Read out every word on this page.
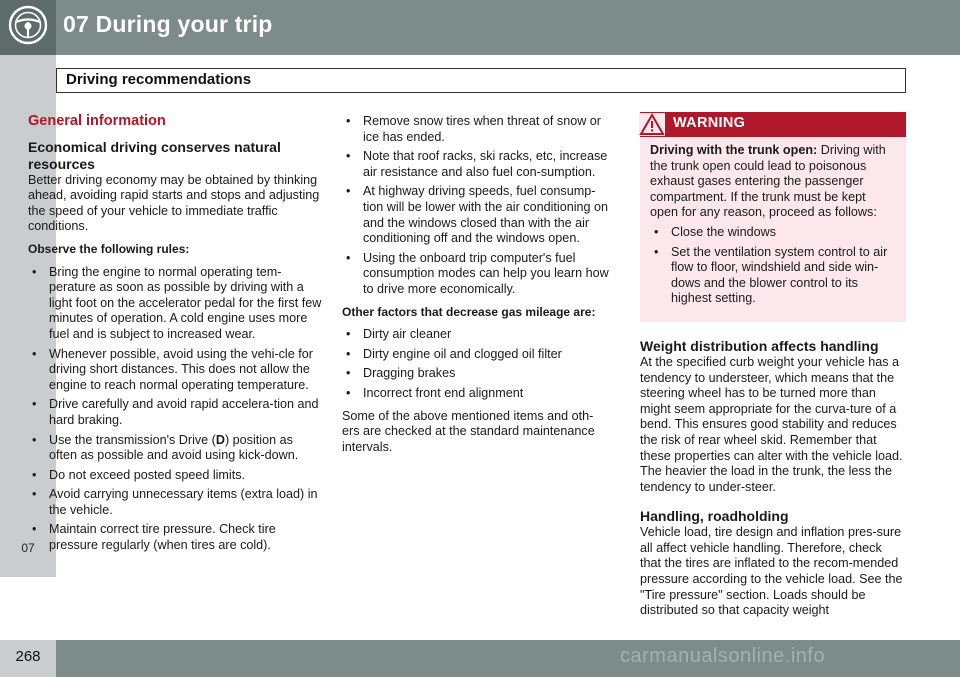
07 During your trip
Driving recommendations
07
268	carmanualsonline.info
General information
Economical driving conserves natural resources

Better driving economy may be obtained by thinking ahead, avoiding rapid starts and stops and adjusting the speed of your vehicle to immediate traffic conditions.

Observe the following rules:

• Bring the engine to normal operating tem-perature as soon as possible by driving with a light foot on the accelerator pedal for the first few minutes of operation. A cold engine uses more fuel and is subject to increased wear.
• Whenever possible, avoid using the vehi-cle for driving short distances. This does not allow the engine to reach normal operating temperature.
• Drive carefully and avoid rapid accelera-tion and hard braking.
• Use the transmission's Drive (D) position as often as possible and avoid using kick-down.
• Do not exceed posted speed limits.
• Avoid carrying unnecessary items (extra load) in the vehicle.
• Maintain correct tire pressure. Check tire pressure regularly (when tires are cold).
• Remove snow tires when threat of snow or ice has ended.
• Note that roof racks, ski racks, etc, increase air resistance and also fuel con-sumption.
• At highway driving speeds, fuel consump-tion will be lower with the air conditioning on and the windows closed than with the air conditioning off and the windows open.
• Using the onboard trip computer's fuel consumption modes can help you learn how to drive more economically.

Other factors that decrease gas mileage are:

• Dirty air cleaner
• Dirty engine oil and clogged oil filter
• Dragging brakes
• Incorrect front end alignment

Some of the above mentioned items and oth-ers are checked at the standard maintenance intervals.

WARNING

Driving with the trunk open: Driving with the trunk open could lead to poisonous exhaust gases entering the passenger compartment. If the trunk must be kept open for any reason, proceed as follows:

• Close the windows
• Set the ventilation system control to air flow to floor, windshield and side win-dows and the blower control to its highest setting.
Weight distribution affects handling

At the specified curb weight your vehicle has a tendency to understeer, which means that the steering wheel has to be turned more than might seem appropriate for the curva-ture of a bend. This ensures good stability and reduces the risk of rear wheel skid. Remember that these properties can alter with the vehicle load. The heavier the load in the trunk, the less the tendency to under-steer.

Handling, roadholding

Vehicle load, tire design and inflation pres-sure all affect vehicle handling. Therefore, check that the tires are inflated to the recom-mended pressure according to the vehicle load. See the "Tire pressure" section. Loads should be distributed so that capacity weight
